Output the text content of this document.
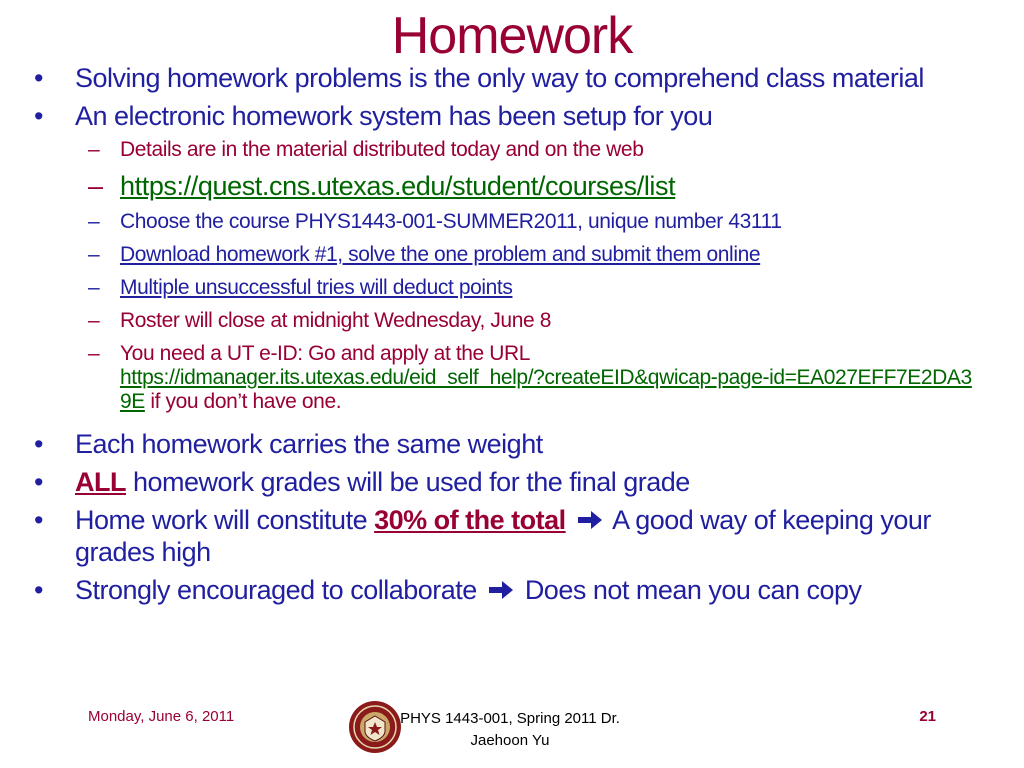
Homework
• Solving homework problems is the only way to comprehend class material
• An electronic homework system has been setup for you
– Details are in the material distributed today and on the web
– https://quest.cns.utexas.edu/student/courses/list
– Choose the course PHYS1443-001-SUMMER2011, unique number 43111
– Download homework #1, solve the one problem and submit them online
– Multiple unsuccessful tries will deduct points
– Roster will close at midnight Wednesday, June 8
– You need a UT e-ID: Go and apply at the URL
https://idmanager.its.utexas.edu/eid_self_help/?createEID&qwicap-page-id=EA027EFF7E2DA39E if you don’t have one.
• Each homework carries the same weight
• ALL homework grades will be used for the final grade
• Home work will constitute 30% of the total A good way of keeping your grades high
• Strongly encouraged to collaborate Does not mean you can copy
Monday, June 6, 2011	PHYS 1443-001, Spring 2011 Dr. Jaehoon Yu
21
